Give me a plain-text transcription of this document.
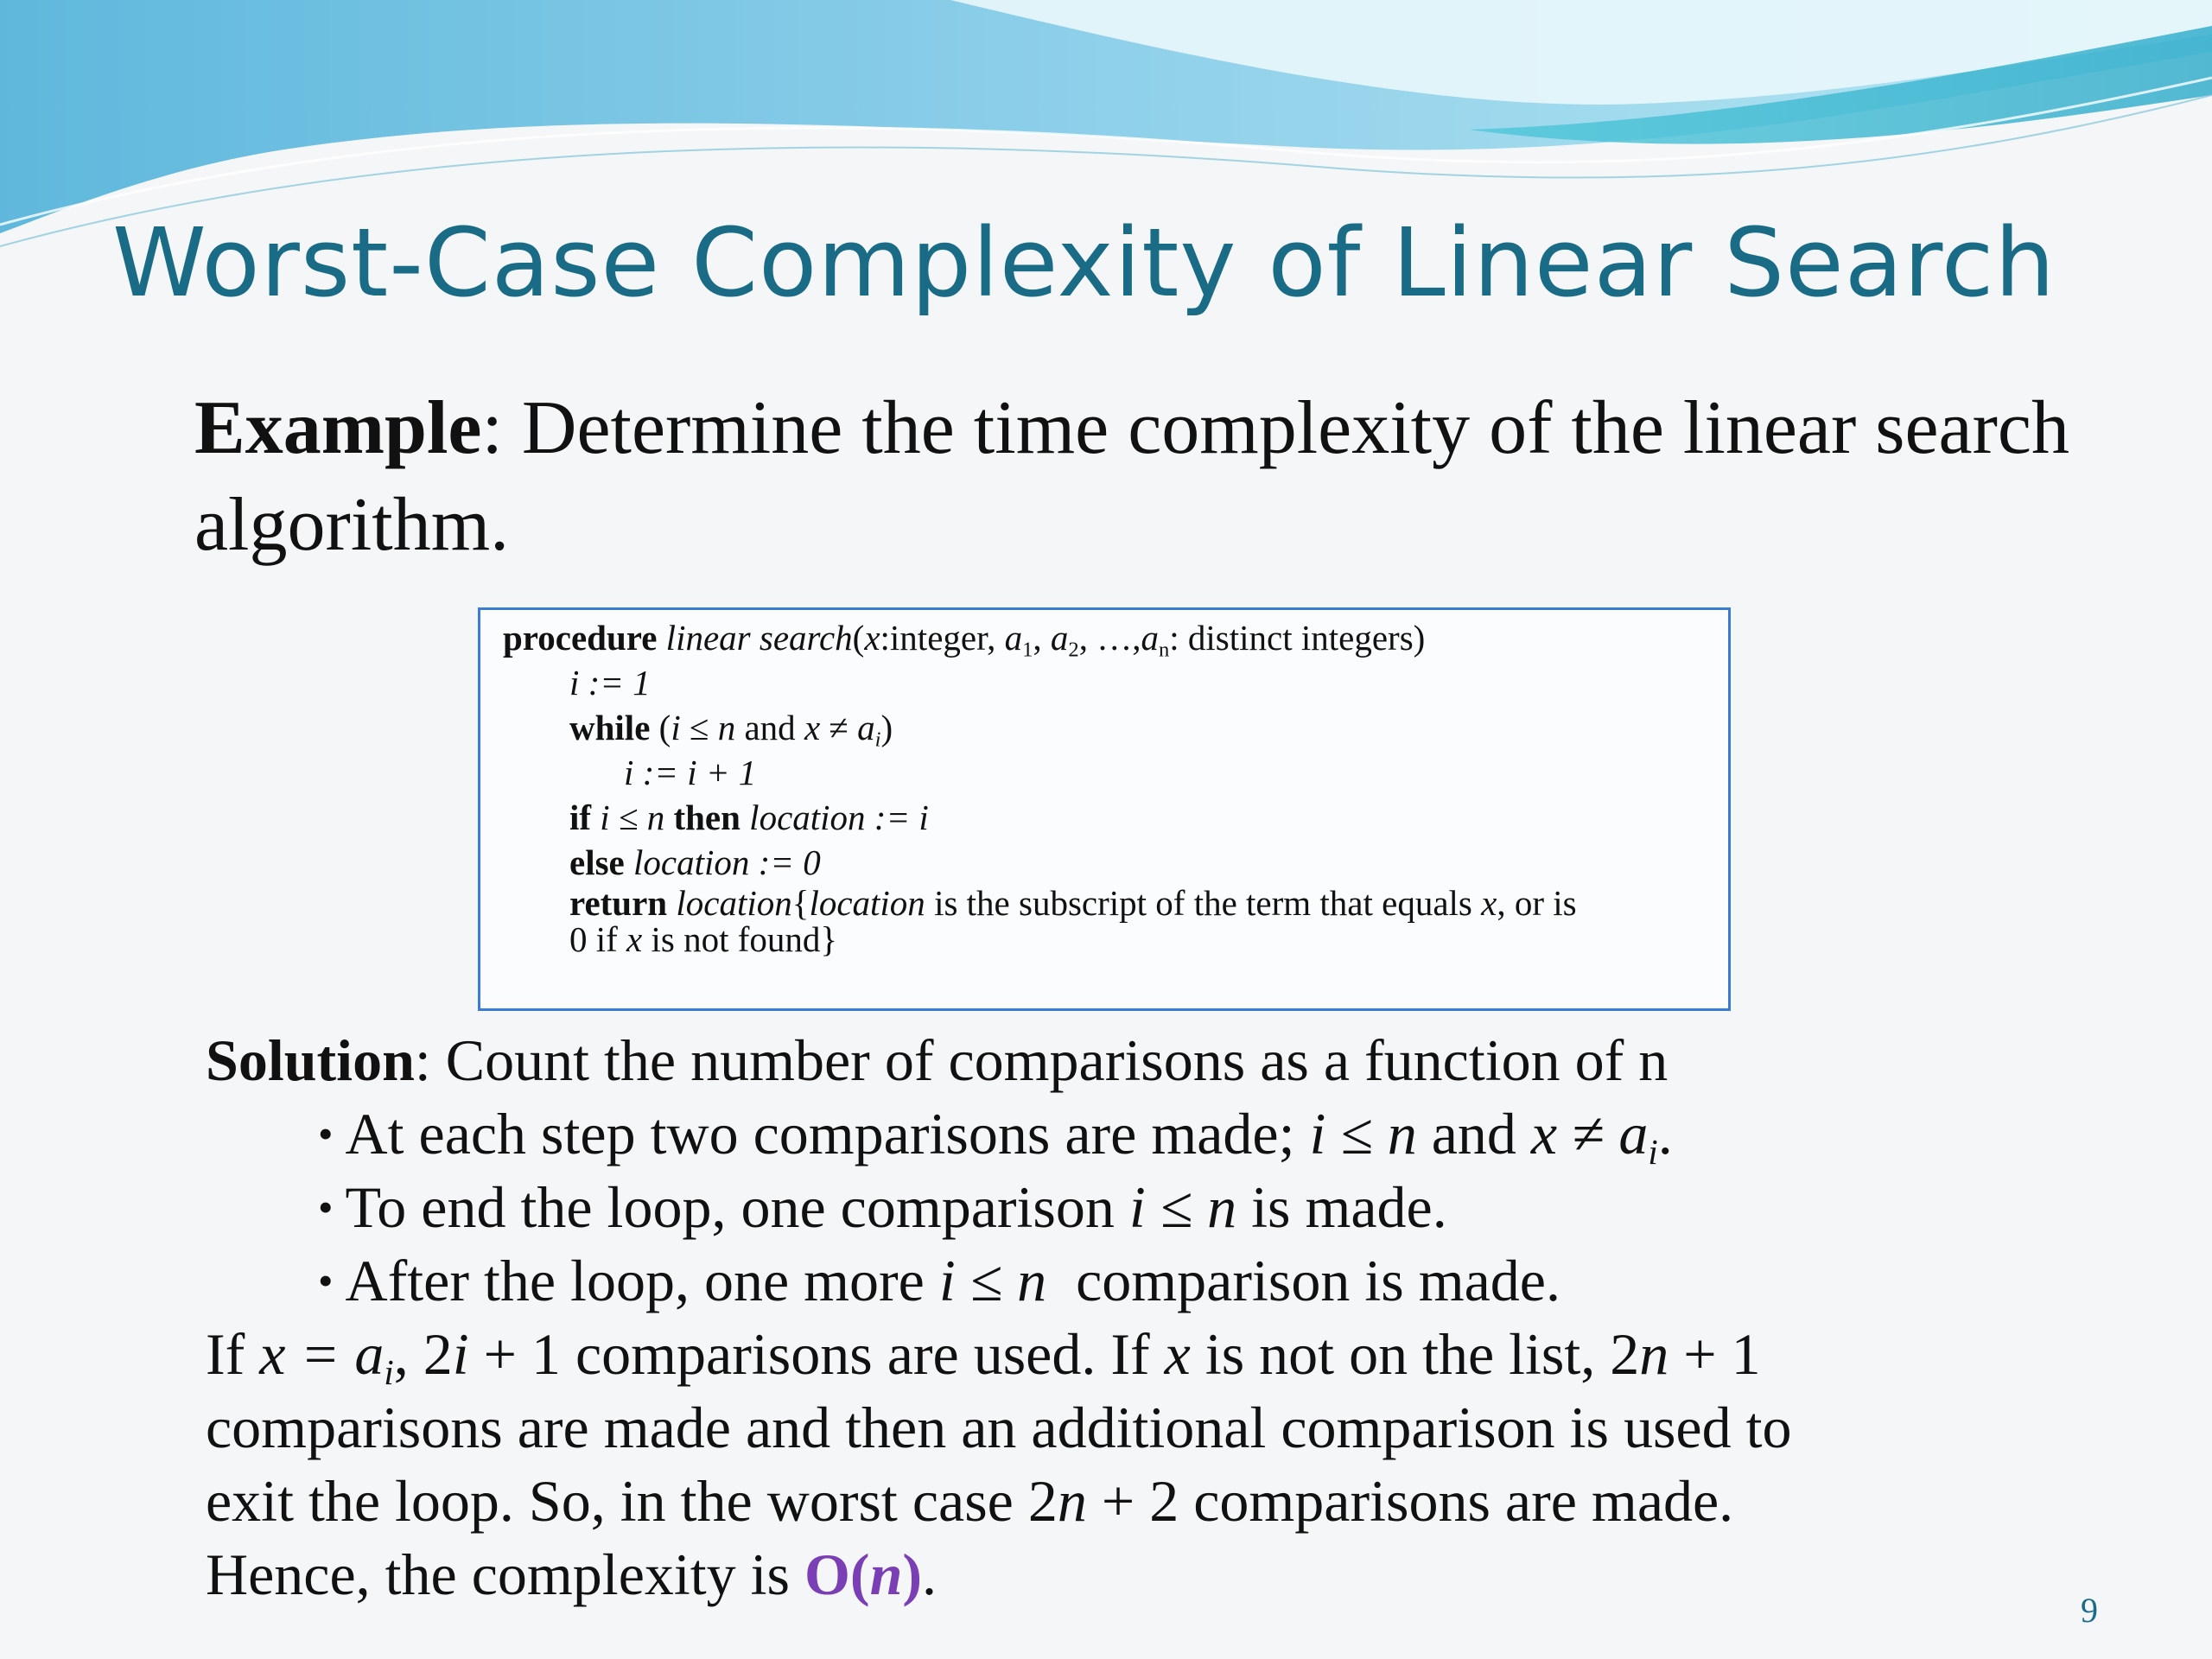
Worst-Case Complexity of Linear Search
Example: Determine the time complexity of the linear search algorithm.
procedure linear search(x:integer, $a_1$, $a_2$, $\dots,a_n$: distinct integers)
i := 1
while (i ≤ n and $x \ne a_i$)
i := i + 1
if i ≤ n then location := i
else location := 0
return location{location is the subscript of the term that equals x, or is
0 if x is not found}
Solution: Count the number of comparisons as a function of n
• At each step two comparisons are made; i ≤ n and $x \ne a_i$.
• To end the loop, one comparison i ≤ n is made.
• After the loop, one more i ≤ n  comparison is made.
If $x = a_i$, 2i + 1 comparisons are used. If x is not on the list, 2n + 1
comparisons are made and then an additional comparison is used to
exit the loop. So, in the worst case 2n + 2 comparisons are made.
Hence, the complexity is O(n).
9
